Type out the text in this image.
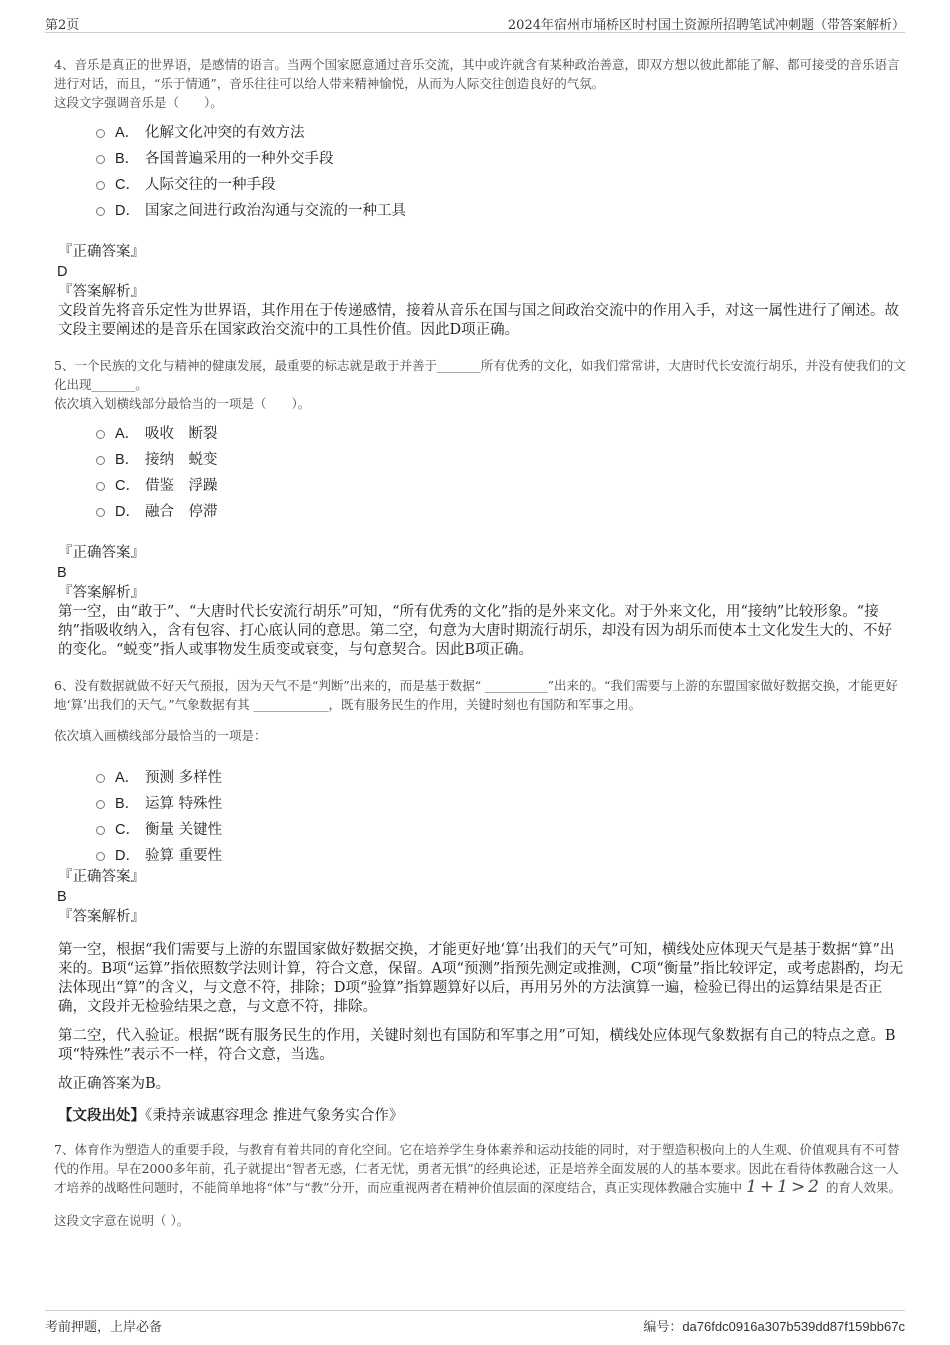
第2页	2024年宿州市埇桥区时村国土资源所招聘笔试冲刺题（带答案解析）

4、音乐是真正的世界语，是感情的语言。当两个国家愿意通过音乐交流，其中或许就含有某种政治善意，即双方想以彼此都能了解、都可接受的音乐语言进行对话，而且，“乐于情通”，音乐往往可以给人带来精神愉悦，从而为人际交往创造良好的气氛。

这段文字强调音乐是（　　）。

A． 化解文化冲突的有效方法
B． 各国普遍采用的一种外交手段
C． 人际交往的一种手段
D． 国家之间进行政治沟通与交流的一种工具

『正确答案』

D

『答案解析』

文段首先将音乐定性为世界语，其作用在于传递感情，接着从音乐在国与国之间政治交流中的作用入手，对这一属性进行了阐述。故文段主要阐述的是音乐在国家政治交流中的工具性价值。因此D项正确。

5、一个民族的文化与精神的健康发展，最重要的标志就是敢于并善于_______所有优秀的文化，如我们常常讲，大唐时代长安流行胡乐，并没有使我们的文化出现_______。

依次填入划横线部分最恰当的一项是（　　）。

A． 吸收　断裂
B． 接纳　蜕变
C． 借鉴　浮躁
D． 融合　停滞

『正确答案』

B

『答案解析』

第一空，由“敢于”、“大唐时代长安流行胡乐”可知，“所有优秀的文化”指的是外来文化。对于外来文化，用“接纳”比较形象。“接纳”指吸收纳入，含有包容、打心底认同的意思。第二空，句意为大唐时期流行胡乐，却没有因为胡乐而使本土文化发生大的、不好的变化。“蜕变”指人或事物发生质变或衰变，与句意契合。因此B项正确。

6、没有数据就做不好天气预报，因为天气不是“判断”出来的，而是基于数据“ __________”出来的。“我们需要与上游的东盟国家做好数据交换，才能更好地‘算’出我们的天气。”气象数据有其 ____________，既有服务民生的作用，关键时刻也有国防和军事之用。

依次填入画横线部分最恰当的一项是：

A． 预测 多样性
B． 运算 特殊性
C． 衡量 关键性
D． 验算 重要性

『正确答案』

B

『答案解析』

第一空，根据“我们需要与上游的东盟国家做好数据交换，才能更好地‘算’出我们的天气”可知，横线处应体现天气是基于数据“算”出来的。B项“运算”指依照数学法则计算，符合文意，保留。A项“预测”指预先测定或推测，C项“衡量”指比较评定，或考虑斟酌，均无法体现出“算”的含义，与文意不符，排除；D项“验算”指算题算好以后，再用另外的方法演算一遍，检验已得出的运算结果是否正确，文段并无检验结果之意，与文意不符，排除。

第二空，代入验证。根据“既有服务民生的作用，关键时刻也有国防和军事之用”可知，横线处应体现气象数据有自己的特点之意。B项“特殊性”表示不一样，符合文意，当选。

故正确答案为B。

【文段出处】《秉持亲诚惠容理念 推进气象务实合作》

7、体育作为塑造人的重要手段，与教育有着共同的育化空间。它在培养学生身体素养和运动技能的同时，对于塑造积极向上的人生观、价值观具有不可替代的作用。早在2000多年前，孔子就提出“智者无惑，仁者无忧，勇者无惧”的经典论述，正是培养全面发展的人的基本要求。因此在看待体教融合这一人才培养的战略性问题时，不能简单地将“体”与“教”分开，而应重视两者在精神价值层面的深度结合，真正实现体教融合实施中 1+1>2 的育人效果。

这段文字意在说明（ ）。

考前押题，上岸必备	编号：da76fdc0916a307b539dd87f159bb67c
